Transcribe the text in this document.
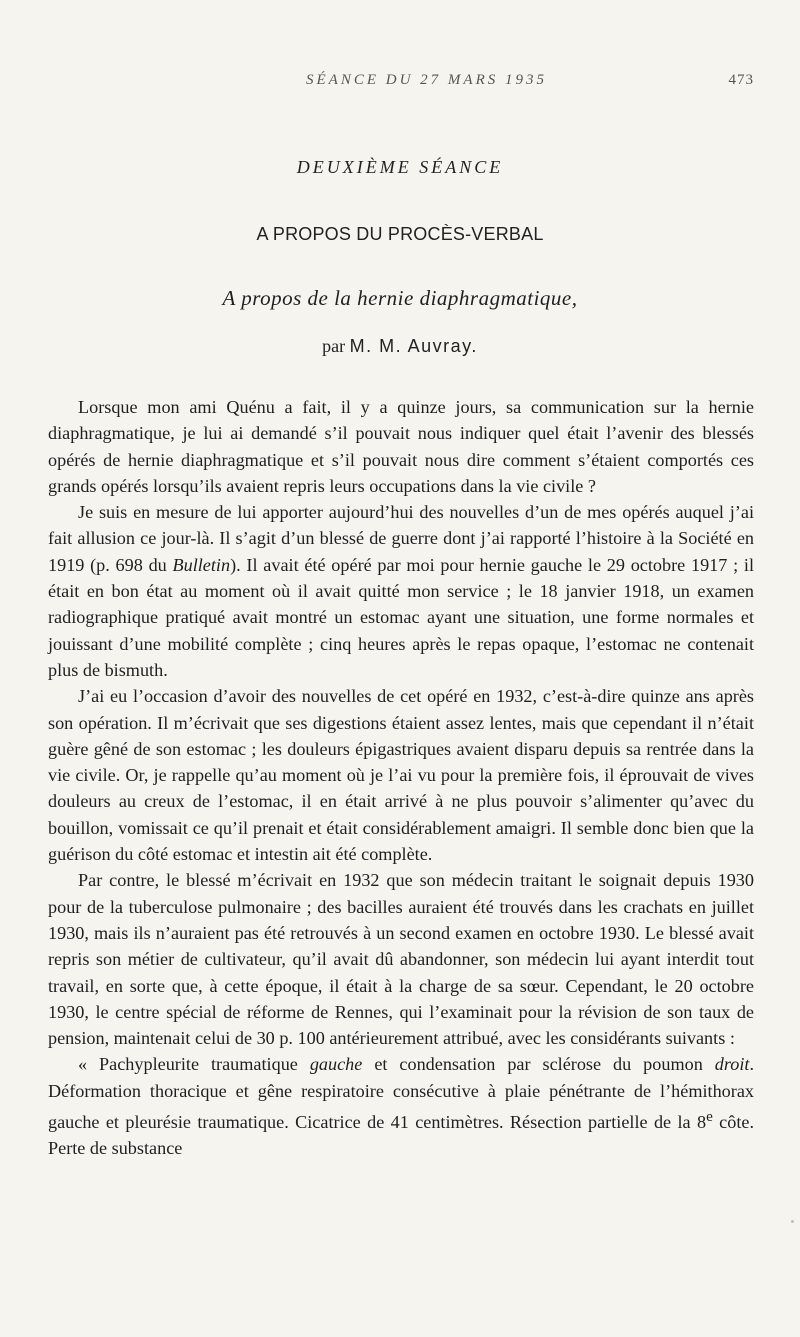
SÉANCE DU 27 MARS 1935	473
DEUXIÈME SÉANCE
A PROPOS DU PROCÈS-VERBAL
A propos de la hernie diaphragmatique,
par M. M. Auvray.

Lorsque mon ami Quénu a fait, il y a quinze jours, sa communication sur la hernie diaphragmatique, je lui ai demandé s’il pouvait nous indiquer quel était l’avenir des blessés opérés de hernie diaphragmatique et s’il pouvait nous dire comment s’étaient comportés ces grands opérés lorsqu’ils avaient repris leurs occupations dans la vie civile ?

Je suis en mesure de lui apporter aujourd’hui des nouvelles d’un de mes opérés auquel j’ai fait allusion ce jour-là. Il s’agit d’un blessé de guerre dont j’ai rapporté l’histoire à la Société en 1919 (p. 698 du Bulletin). Il avait été opéré par moi pour hernie gauche le 29 octobre 1917 ; il était en bon état au moment où il avait quitté mon service ; le 18 janvier 1918, un examen radiographique pratiqué avait montré un estomac ayant une situation, une forme normales et jouissant d’une mobilité complète ; cinq heures après le repas opaque, l’estomac ne contenait plus de bismuth.

J’ai eu l’occasion d’avoir des nouvelles de cet opéré en 1932, c’est-à-dire quinze ans après son opération. Il m’écrivait que ses digestions étaient assez lentes, mais que cependant il n’était guère gêné de son estomac ; les douleurs épigastriques avaient disparu depuis sa rentrée dans la vie civile. Or, je rappelle qu’au moment où je l’ai vu pour la première fois, il éprouvait de vives douleurs au creux de l’estomac, il en était arrivé à ne plus pouvoir s’alimenter qu’avec du bouillon, vomissait ce qu’il prenait et était considérablement amaigri. Il semble donc bien que la guérison du côté estomac et intestin ait été complète.

Par contre, le blessé m’écrivait en 1932 que son médecin traitant le soignait depuis 1930 pour de la tuberculose pulmonaire ; des bacilles auraient été trouvés dans les crachats en juillet 1930, mais ils n’auraient pas été retrouvés à un second examen en octobre 1930. Le blessé avait repris son métier de cultivateur, qu’il avait dû abandonner, son médecin lui ayant interdit tout travail, en sorte que, à cette époque, il était à la charge de sa sœur. Cependant, le 20 octobre 1930, le centre spécial de réforme de Rennes, qui l’examinait pour la révision de son taux de pension, maintenait celui de 30 p. 100 antérieurement attribué, avec les considérants suivants :

« Pachypleurite traumatique gauche et condensation par sclérose du poumon droit. Déformation thoracique et gêne respiratoire consécutive à plaie pénétrante de l’hémithorax gauche et pleurésie traumatique. Cicatrice de 41 centimètres. Résection partielle de la 8e côte. Perte de substance
